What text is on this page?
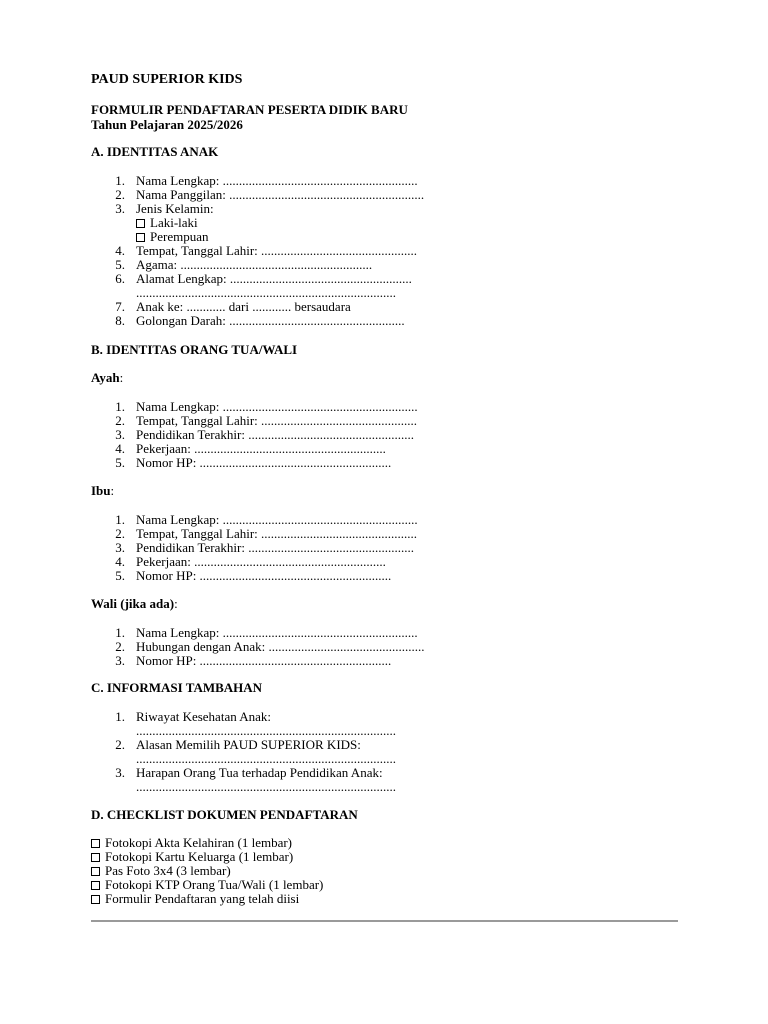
PAUD SUPERIOR KIDS
FORMULIR PENDAFTARAN PESERTA DIDIK BARU
Tahun Pelajaran 2025/2026
A. IDENTITAS ANAK
1. Nama Lengkap: ............................................................
2. Nama Panggilan: ............................................................
3. Jenis Kelamin:
Laki-laki
Perempuan
4. Tempat, Tanggal Lahir: ................................................
5. Agama: ...........................................................
6. Alamat Lengkap: ........................................................
................................................................................
7. Anak ke: ............ dari ............ bersaudara
8. Golongan Darah: ......................................................
B. IDENTITAS ORANG TUA/WALI
Ayah:
1. Nama Lengkap: ............................................................
2. Tempat, Tanggal Lahir: ................................................
3. Pendidikan Terakhir: ...................................................
4. Pekerjaan: ...........................................................
5. Nomor HP: ...........................................................
Ibu:
1. Nama Lengkap: ............................................................
2. Tempat, Tanggal Lahir: ................................................
3. Pendidikan Terakhir: ...................................................
4. Pekerjaan: ...........................................................
5. Nomor HP: ...........................................................
Wali (jika ada):
1. Nama Lengkap: ............................................................
2. Hubungan dengan Anak: ................................................
3. Nomor HP: ...........................................................
C. INFORMASI TAMBAHAN
1. Riwayat Kesehatan Anak:
................................................................................
2. Alasan Memilih PAUD SUPERIOR KIDS:
................................................................................
3. Harapan Orang Tua terhadap Pendidikan Anak:
................................................................................
D. CHECKLIST DOKUMEN PENDAFTARAN
Fotokopi Akta Kelahiran (1 lembar)
Fotokopi Kartu Keluarga (1 lembar)
Pas Foto 3x4 (3 lembar)
Fotokopi KTP Orang Tua/Wali (1 lembar)
Formulir Pendaftaran yang telah diisi
